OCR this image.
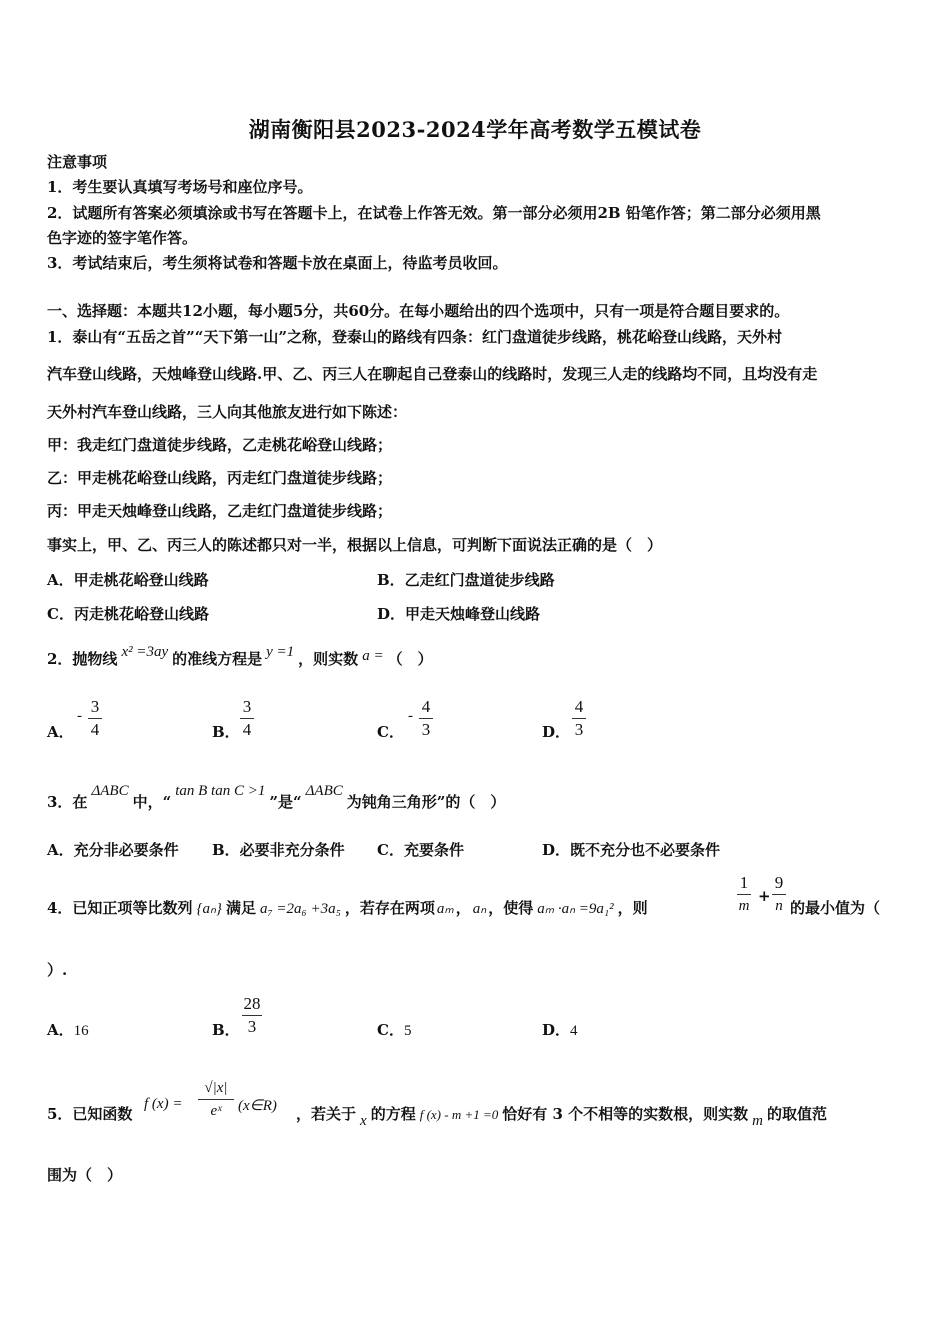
湖南衡阳县2023-2024学年高考数学五模试卷
注意事项
1．考生要认真填写考场号和座位序号。
2．试题所有答案必须填涂或书写在答题卡上，在试卷上作答无效。第一部分必须用2B 铅笔作答；第二部分必须用黑
色字迹的签字笔作答。
3．考试结束后，考生须将试卷和答题卡放在桌面上，待监考员收回。
一、选择题：本题共12小题，每小题5分，共60分。在每小题给出的四个选项中，只有一项是符合题目要求的。
1．泰山有“五岳之首”“天下第一山”之称，登泰山的路线有四条：红门盘道徒步线路，桃花峪登山线路，天外村
汽车登山线路，天烛峰登山线路.甲、乙、丙三人在聊起自己登泰山的线路时，发现三人走的线路均不同，且均没有走
天外村汽车登山线路，三人向其他旅友进行如下陈述：
甲：我走红门盘道徒步线路，乙走桃花峪登山线路；
乙：甲走桃花峪登山线路，丙走红门盘道徒步线路；
丙：甲走天烛峰登山线路，乙走红门盘道徒步线路；
事实上，甲、乙、丙三人的陈述都只对一半，根据以上信息，可判断下面说法正确的是（　）
A．甲走桃花峪登山线路	B．乙走红门盘道徒步线路
C．丙走桃花峪登山线路	D．甲走天烛峰登山线路
2．抛物线 x² =3ay 的准线方程是 y =1 ，则实数 a = （　）
A．
- 3
4	B．
3
4	C．
- 4
3	D．
4
3
3．在ΔABC中，“tan B tan C >1”是“ΔABC为钝角三角形”的（　）
A．充分非必要条件 B．必要非充分条件 C．充要条件	D．既不充分也不必要条件
4．已知正项等比数列 {aₙ} 满足 a₇ =2a₆ +3a₅ ，若存在两项 aₘ ， aₙ ，使得 aₘ ·aₙ =9a₁² ，则
1
m
+
9
n 的最小值为（
）.
A．16	B．
28
3	C．5	D．4
5．已知函数
f (x) =
√|x|
eˣ (x∈R) ，若关于 x 的方程 f (x) - m +1 =0 恰好有 3 个不相等的实数根，则实数 m 的取值范
围为（　）
